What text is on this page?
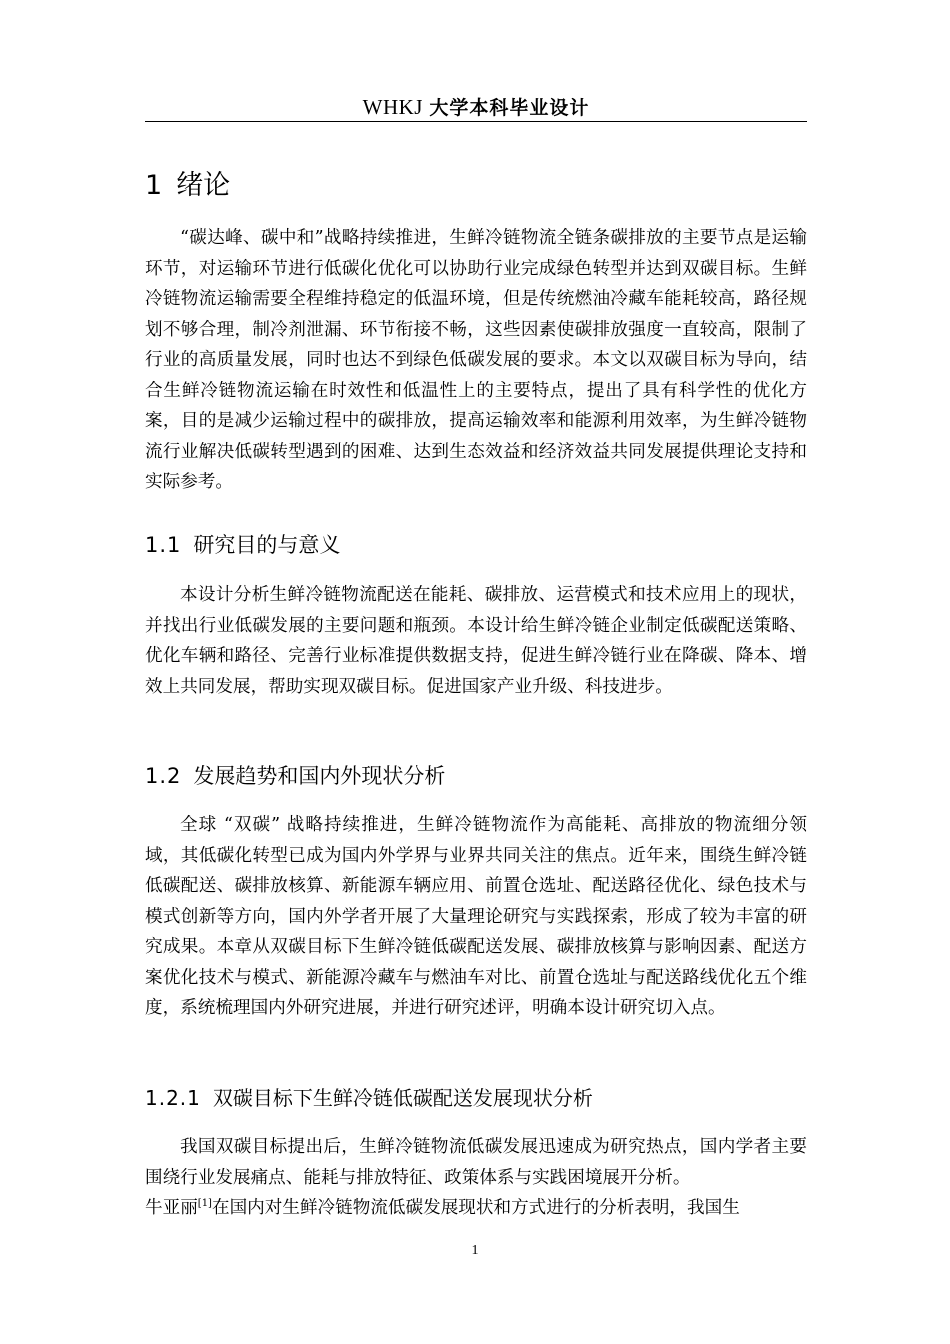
WHKJ 大学本科毕业设计
1 绪论

“碳达峰、碳中和”战略持续推进，生鲜冷链物流全链条碳排放的主要节点是运输环节，对运输环节进行低碳化优化可以协助行业完成绿色转型并达到双碳目标。生鲜冷链物流运输需要全程维持稳定的低温环境，但是传统燃油冷藏车能耗较高，路径规划不够合理，制冷剂泄漏、环节衔接不畅，这些因素使碳排放强度一直较高，限制了行业的高质量发展，同时也达不到绿色低碳发展的要求。本文以双碳目标为导向，结合生鲜冷链物流运输在时效性和低温性上的主要特点，提出了具有科学性的优化方案，目的是减少运输过程中的碳排放，提高运输效率和能源利用效率，为生鲜冷链物流行业解决低碳转型遇到的困难、达到生态效益和经济效益共同发展提供理论支持和实际参考。

1.1 研究目的与意义

本设计分析生鲜冷链物流配送在能耗、碳排放、运营模式和技术应用上的现状，并找出行业低碳发展的主要问题和瓶颈。本设计给生鲜冷链企业制定低碳配送策略、优化车辆和路径、完善行业标准提供数据支持，促进生鲜冷链行业在降碳、降本、增效上共同发展，帮助实现双碳目标。促进国家产业升级、科技进步。

1.2 发展趋势和国内外现状分析

全球 “双碳” 战略持续推进，生鲜冷链物流作为高能耗、高排放的物流细分领域，其低碳化转型已成为国内外学界与业界共同关注的焦点。近年来，围绕生鲜冷链低碳配送、碳排放核算、新能源车辆应用、前置仓选址、配送路径优化、绿色技术与模式创新等方向，国内外学者开展了大量理论研究与实践探索，形成了较为丰富的研究成果。本章从双碳目标下生鲜冷链低碳配送发展、碳排放核算与影响因素、配送方案优化技术与模式、新能源冷藏车与燃油车对比、前置仓选址与配送路线优化五个维度，系统梳理国内外研究进展，并进行研究述评，明确本设计研究切入点。

1.2.1 双碳目标下生鲜冷链低碳配送发展现状分析

我国双碳目标提出后，生鲜冷链物流低碳发展迅速成为研究热点，国内学者主要围绕行业发展痛点、能耗与排放特征、政策体系与实践困境展开分析。

牛亚丽[1]在国内对生鲜冷链物流低碳发展现状和方式进行的分析表明，我国生

1
